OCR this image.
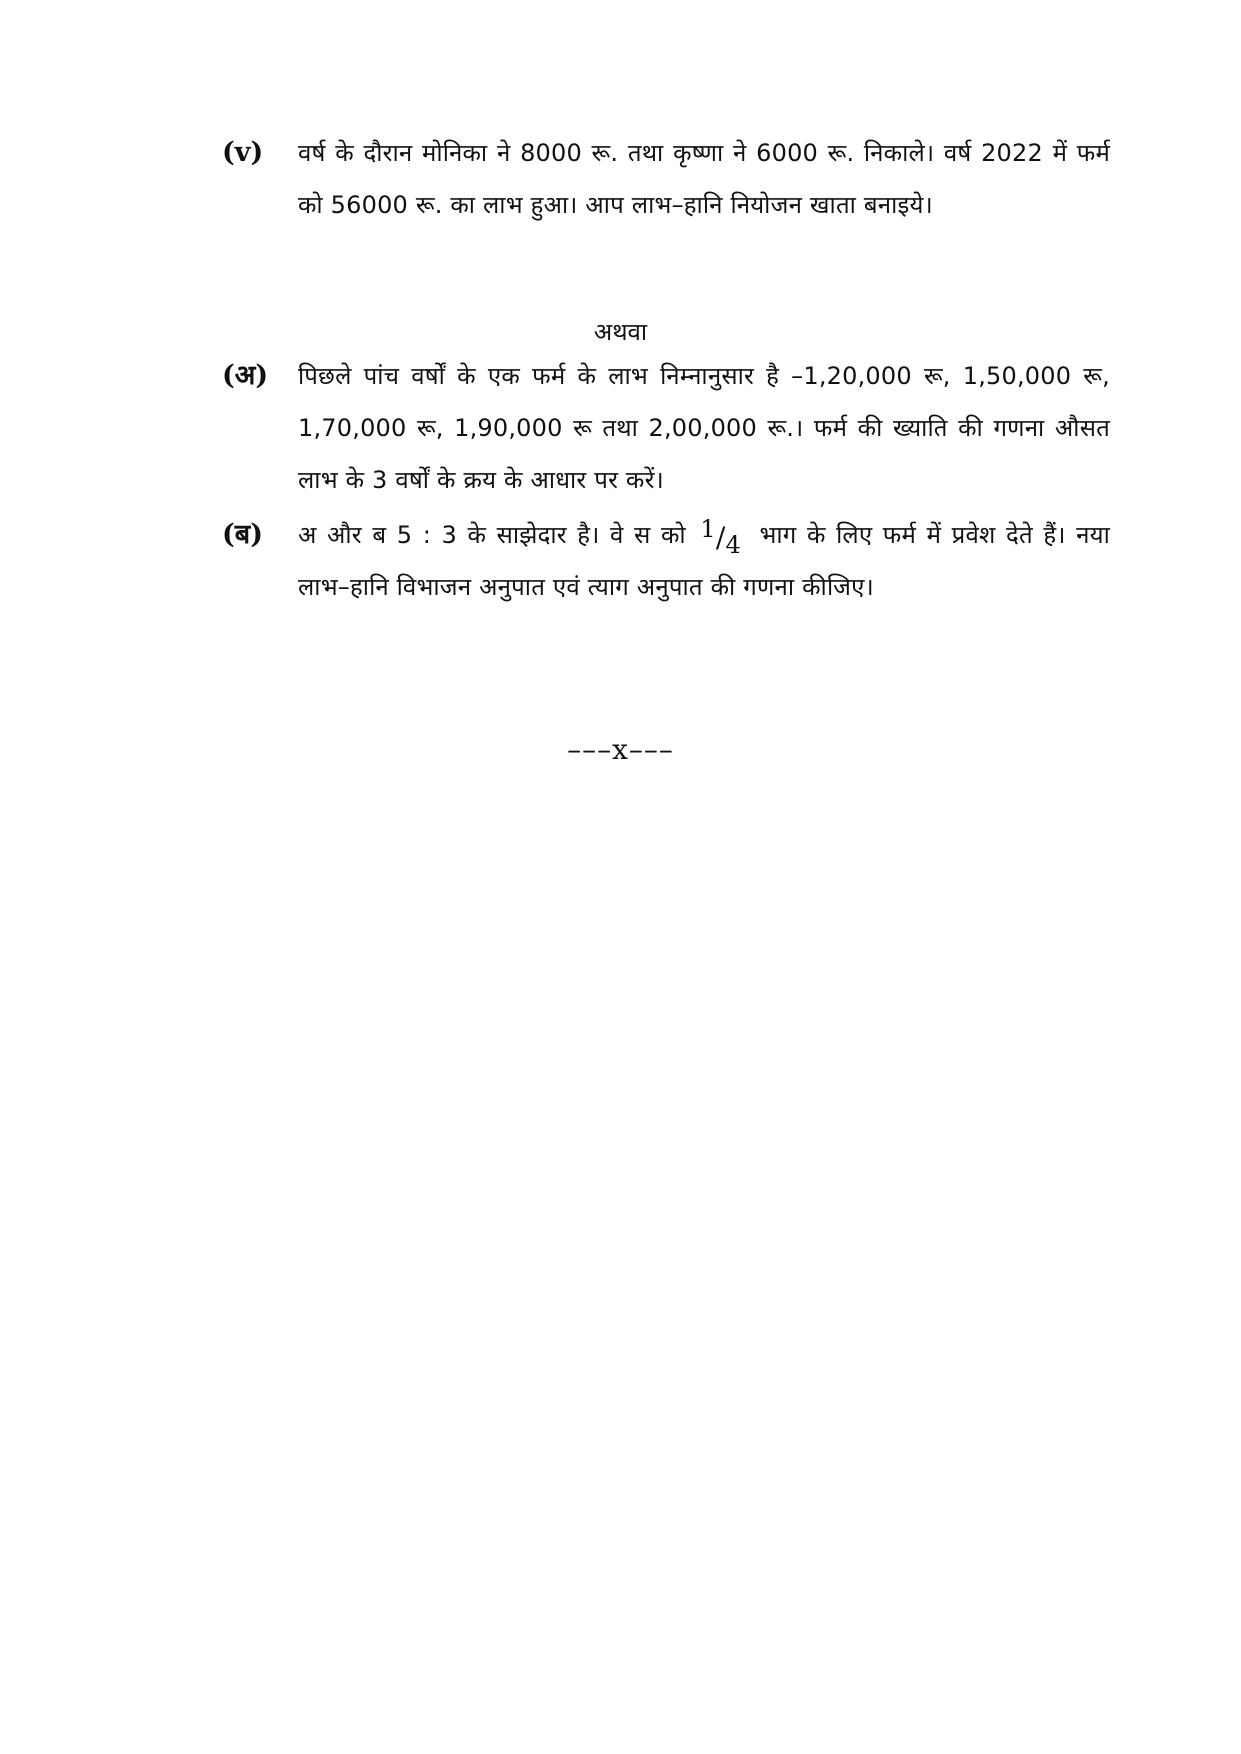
(v) वर्ष के दौरान मोनिका ने 8000 रू. तथा कृष्णा ने 6000 रू. निकाले। वर्ष 2022 में फर्म को 56000 रू. का लाभ हुआ। आप लाभ–हानि नियोजन खाता बनाइये।
अथवा
(अ) पिछले पांच वर्षों के एक फर्म के लाभ निम्नानुसार है –1,20,000 रू, 1,50,000 रू, 1,70,000 रू, 1,90,000 रू तथा 2,00,000 रू.। फर्म की ख्याति की गणना औसत लाभ के 3 वर्षों के क्रय के आधार पर करें।
(ब) अ और ब 5 : 3 के साझेदार है। वे स को $^1/_4$ भाग के लिए फर्म में प्रवेश देते हैं। नया लाभ–हानि विभाजन अनुपात एवं त्याग अनुपात की गणना कीजिए।
–––x–––
